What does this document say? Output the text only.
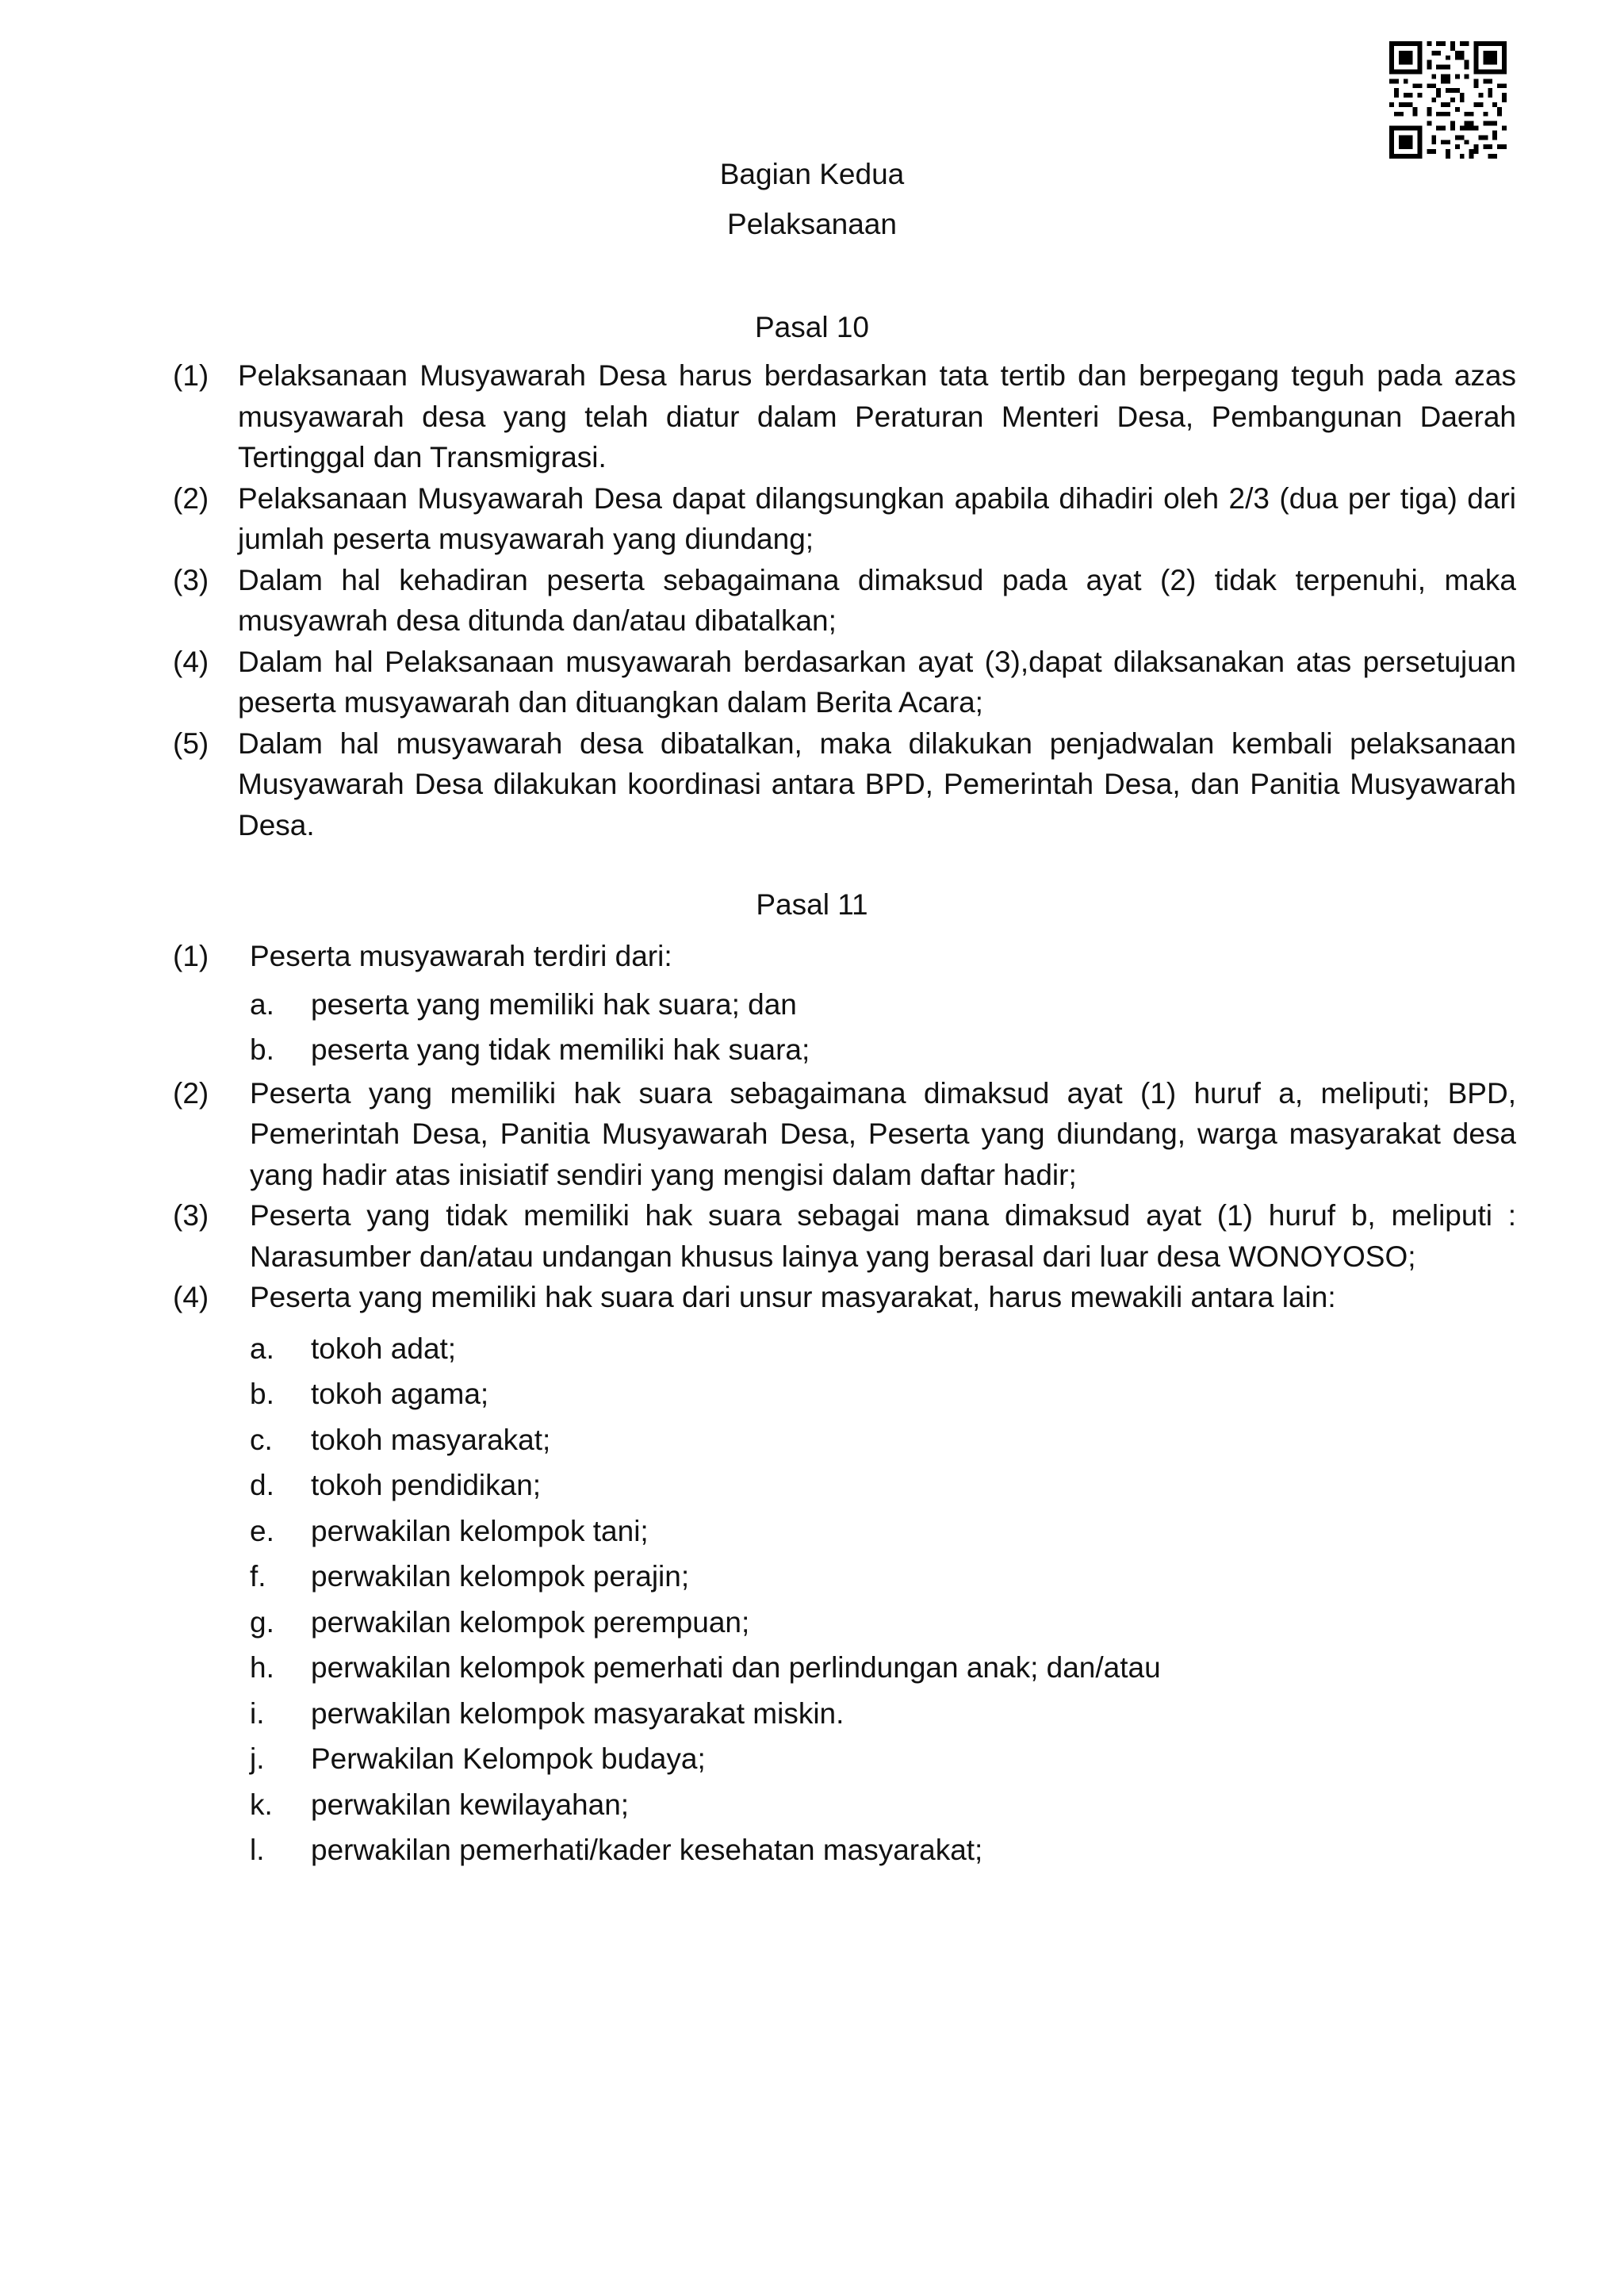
Bagian Kedua
Pelaksanaan
Pasal 10
(1) Pelaksanaan Musyawarah Desa harus berdasarkan tata tertib dan berpegang teguh pada azas musyawarah desa yang telah diatur dalam Peraturan Menteri Desa, Pembangunan Daerah Tertinggal dan Transmigrasi.
(2) Pelaksanaan Musyawarah Desa dapat dilangsungkan apabila dihadiri oleh 2/3 (dua per tiga) dari jumlah peserta musyawarah yang diundang;
(3) Dalam hal kehadiran peserta sebagaimana dimaksud pada ayat (2) tidak terpenuhi, maka musyawrah desa ditunda dan/atau dibatalkan;
(4) Dalam hal Pelaksanaan musyawarah berdasarkan ayat (3),dapat dilaksanakan atas persetujuan peserta musyawarah dan dituangkan dalam Berita Acara;
(5) Dalam hal musyawarah desa dibatalkan, maka dilakukan penjadwalan kembali pelaksanaan Musyawarah Desa dilakukan koordinasi antara BPD, Pemerintah Desa, dan Panitia Musyawarah Desa.
Pasal 11
(1) Peserta musyawarah terdiri dari:
a. peserta yang memiliki hak suara; dan
b. peserta yang tidak memiliki hak suara;
(2) Peserta yang memiliki hak suara sebagaimana dimaksud ayat (1) huruf a, meliputi; BPD, Pemerintah Desa, Panitia Musyawarah Desa, Peserta yang diundang, warga masyarakat desa yang hadir atas inisiatif sendiri yang mengisi dalam daftar hadir;
(3) Peserta yang tidak memiliki hak suara sebagai mana dimaksud ayat (1) huruf b, meliputi : Narasumber dan/atau undangan khusus lainya yang berasal dari luar desa WONOYOSO;
(4) Peserta yang memiliki hak suara dari unsur masyarakat, harus mewakili antara lain:
a. tokoh adat;
b. tokoh agama;
c. tokoh masyarakat;
d. tokoh pendidikan;
e. perwakilan kelompok tani;
f. perwakilan kelompok perajin;
g. perwakilan kelompok perempuan;
h. perwakilan kelompok pemerhati dan perlindungan anak; dan/atau
i. perwakilan kelompok masyarakat miskin.
j. Perwakilan Kelompok budaya;
k. perwakilan kewilayahan;
l. perwakilan pemerhati/kader kesehatan masyarakat;
